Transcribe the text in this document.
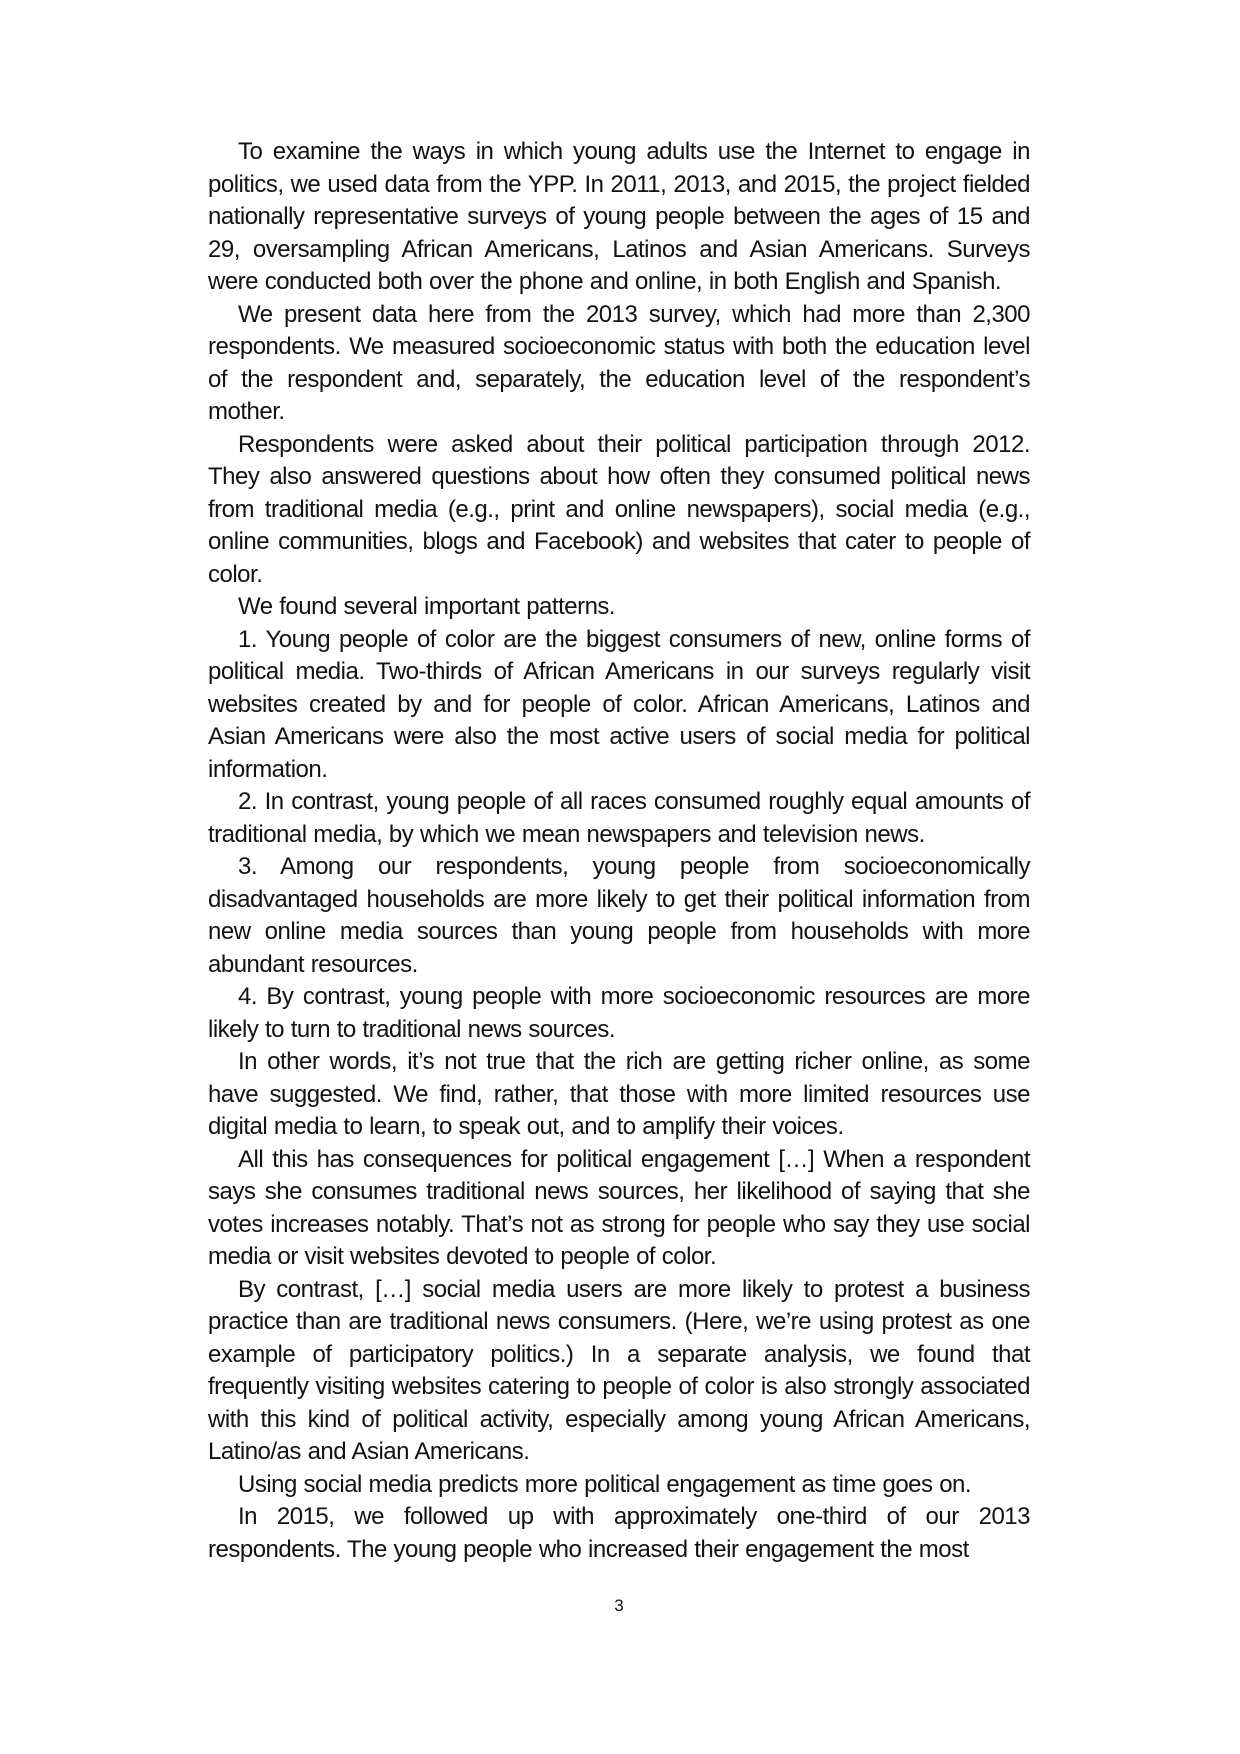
To examine the ways in which young adults use the Internet to engage in politics, we used data from the YPP. In 2011, 2013, and 2015, the project fielded nationally representative surveys of young people between the ages of 15 and 29, oversampling African Americans, Latinos and Asian Americans. Surveys were conducted both over the phone and online, in both English and Spanish.

We present data here from the 2013 survey, which had more than 2,300 respondents. We measured socioeconomic status with both the education level of the respondent and, separately, the education level of the respondent’s mother.

Respondents were asked about their political participation through 2012. They also answered questions about how often they consumed political news from traditional media (e.g., print and online newspapers), social media (e.g., online communities, blogs and Facebook) and websites that cater to people of color.

We found several important patterns.

1. Young people of color are the biggest consumers of new, online forms of political media. Two-thirds of African Americans in our surveys regularly visit websites created by and for people of color. African Americans, Latinos and Asian Americans were also the most active users of social media for political information.

2. In contrast, young people of all races consumed roughly equal amounts of traditional media, by which we mean newspapers and television news.

3. Among our respondents, young people from socioeconomically disadvantaged households are more likely to get their political information from new online media sources than young people from households with more abundant resources.

4. By contrast, young people with more socioeconomic resources are more likely to turn to traditional news sources.

In other words, it’s not true that the rich are getting richer online, as some have suggested. We find, rather, that those with more limited resources use digital media to learn, to speak out, and to amplify their voices.

All this has consequences for political engagement […] When a respondent says she consumes traditional news sources, her likelihood of saying that she votes increases notably. That’s not as strong for people who say they use social media or visit websites devoted to people of color.

By contrast, […] social media users are more likely to protest a business practice than are traditional news consumers. (Here, we’re using protest as one example of participatory politics.) In a separate analysis, we found that frequently visiting websites catering to people of color is also strongly associated with this kind of political activity, especially among young African Americans, Latino/as and Asian Americans.

Using social media predicts more political engagement as time goes on.

In 2015, we followed up with approximately one-third of our 2013 respondents. The young people who increased their engagement the most

3
